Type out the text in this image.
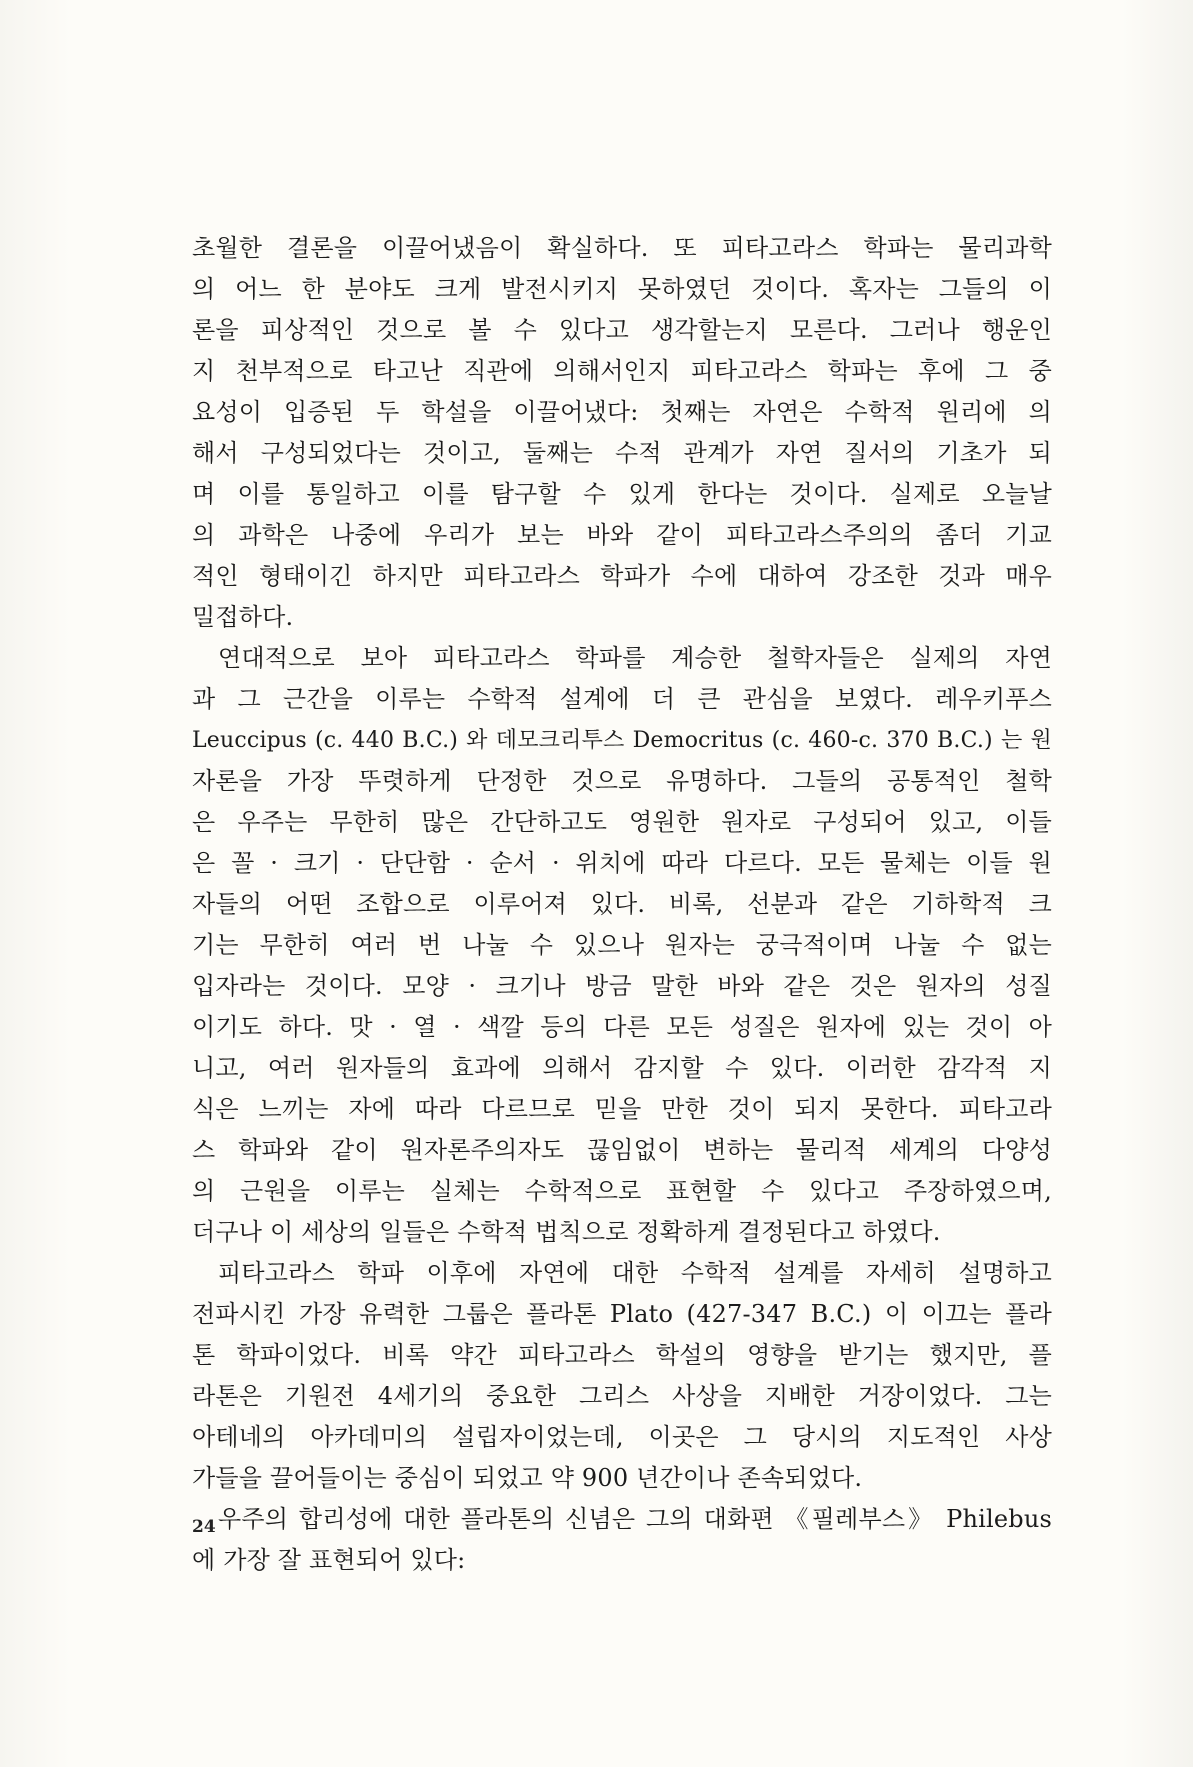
초월한 결론을 이끌어냈음이 확실하다. 또 피타고라스 학파는 물리과학
의 어느 한 분야도 크게 발전시키지 못하였던 것이다. 혹자는 그들의 이
론을 피상적인 것으로 볼 수 있다고 생각할는지 모른다. 그러나 행운인
지 천부적으로 타고난 직관에 의해서인지 피타고라스 학파는 후에 그 중
요성이 입증된 두 학설을 이끌어냈다: 첫째는 자연은 수학적 원리에 의
해서 구성되었다는 것이고, 둘째는 수적 관계가 자연 질서의 기초가 되
며 이를 통일하고 이를 탐구할 수 있게 한다는 것이다. 실제로 오늘날
의 과학은 나중에 우리가 보는 바와 같이 피타고라스주의의 좀더 기교
적인 형태이긴 하지만 피타고라스 학파가 수에 대하여 강조한 것과 매우
밀접하다.
연대적으로 보아 피타고라스 학파를 계승한 철학자들은 실제의 자연
과 그 근간을 이루는 수학적 설계에 더 큰 관심을 보였다. 레우키푸스
Leuccipus (c. 440 B.C.) 와 데모크리투스 Democritus (c. 460-c. 370 B.C.) 는 원
자론을 가장 뚜렷하게 단정한 것으로 유명하다. 그들의 공통적인 철학
은 우주는 무한히 많은 간단하고도 영원한 원자로 구성되어 있고, 이들
은 꼴 · 크기 · 단단함 · 순서 · 위치에 따라 다르다. 모든 물체는 이들 원
자들의 어떤 조합으로 이루어져 있다. 비록, 선분과 같은 기하학적 크
기는 무한히 여러 번 나눌 수 있으나 원자는 궁극적이며 나눌 수 없는
입자라는 것이다. 모양 · 크기나 방금 말한 바와 같은 것은 원자의 성질
이기도 하다. 맛 · 열 · 색깔 등의 다른 모든 성질은 원자에 있는 것이 아
니고, 여러 원자들의 효과에 의해서 감지할 수 있다. 이러한 감각적 지
식은 느끼는 자에 따라 다르므로 믿을 만한 것이 되지 못한다. 피타고라
스 학파와 같이 원자론주의자도 끊임없이 변하는 물리적 세계의 다양성
의 근원을 이루는 실체는 수학적으로 표현할 수 있다고 주장하였으며,
더구나 이 세상의 일들은 수학적 법칙으로 정확하게 결정된다고 하였다.
피타고라스 학파 이후에 자연에 대한 수학적 설계를 자세히 설명하고
전파시킨 가장 유력한 그룹은 플라톤 Plato (427-347 B.C.) 이 이끄는 플라
톤 학파이었다. 비록 약간 피타고라스 학설의 영향을 받기는 했지만, 플
라톤은 기원전 4세기의 중요한 그리스 사상을 지배한 거장이었다. 그는
아테네의 아카데미의 설립자이었는데, 이곳은 그 당시의 지도적인 사상
가들을 끌어들이는 중심이 되었고 약 900 년간이나 존속되었다.
우주의 합리성에 대한 플라톤의 신념은 그의 대화편 《필레부스》 Philebus
에 가장 잘 표현되어 있다:
24
